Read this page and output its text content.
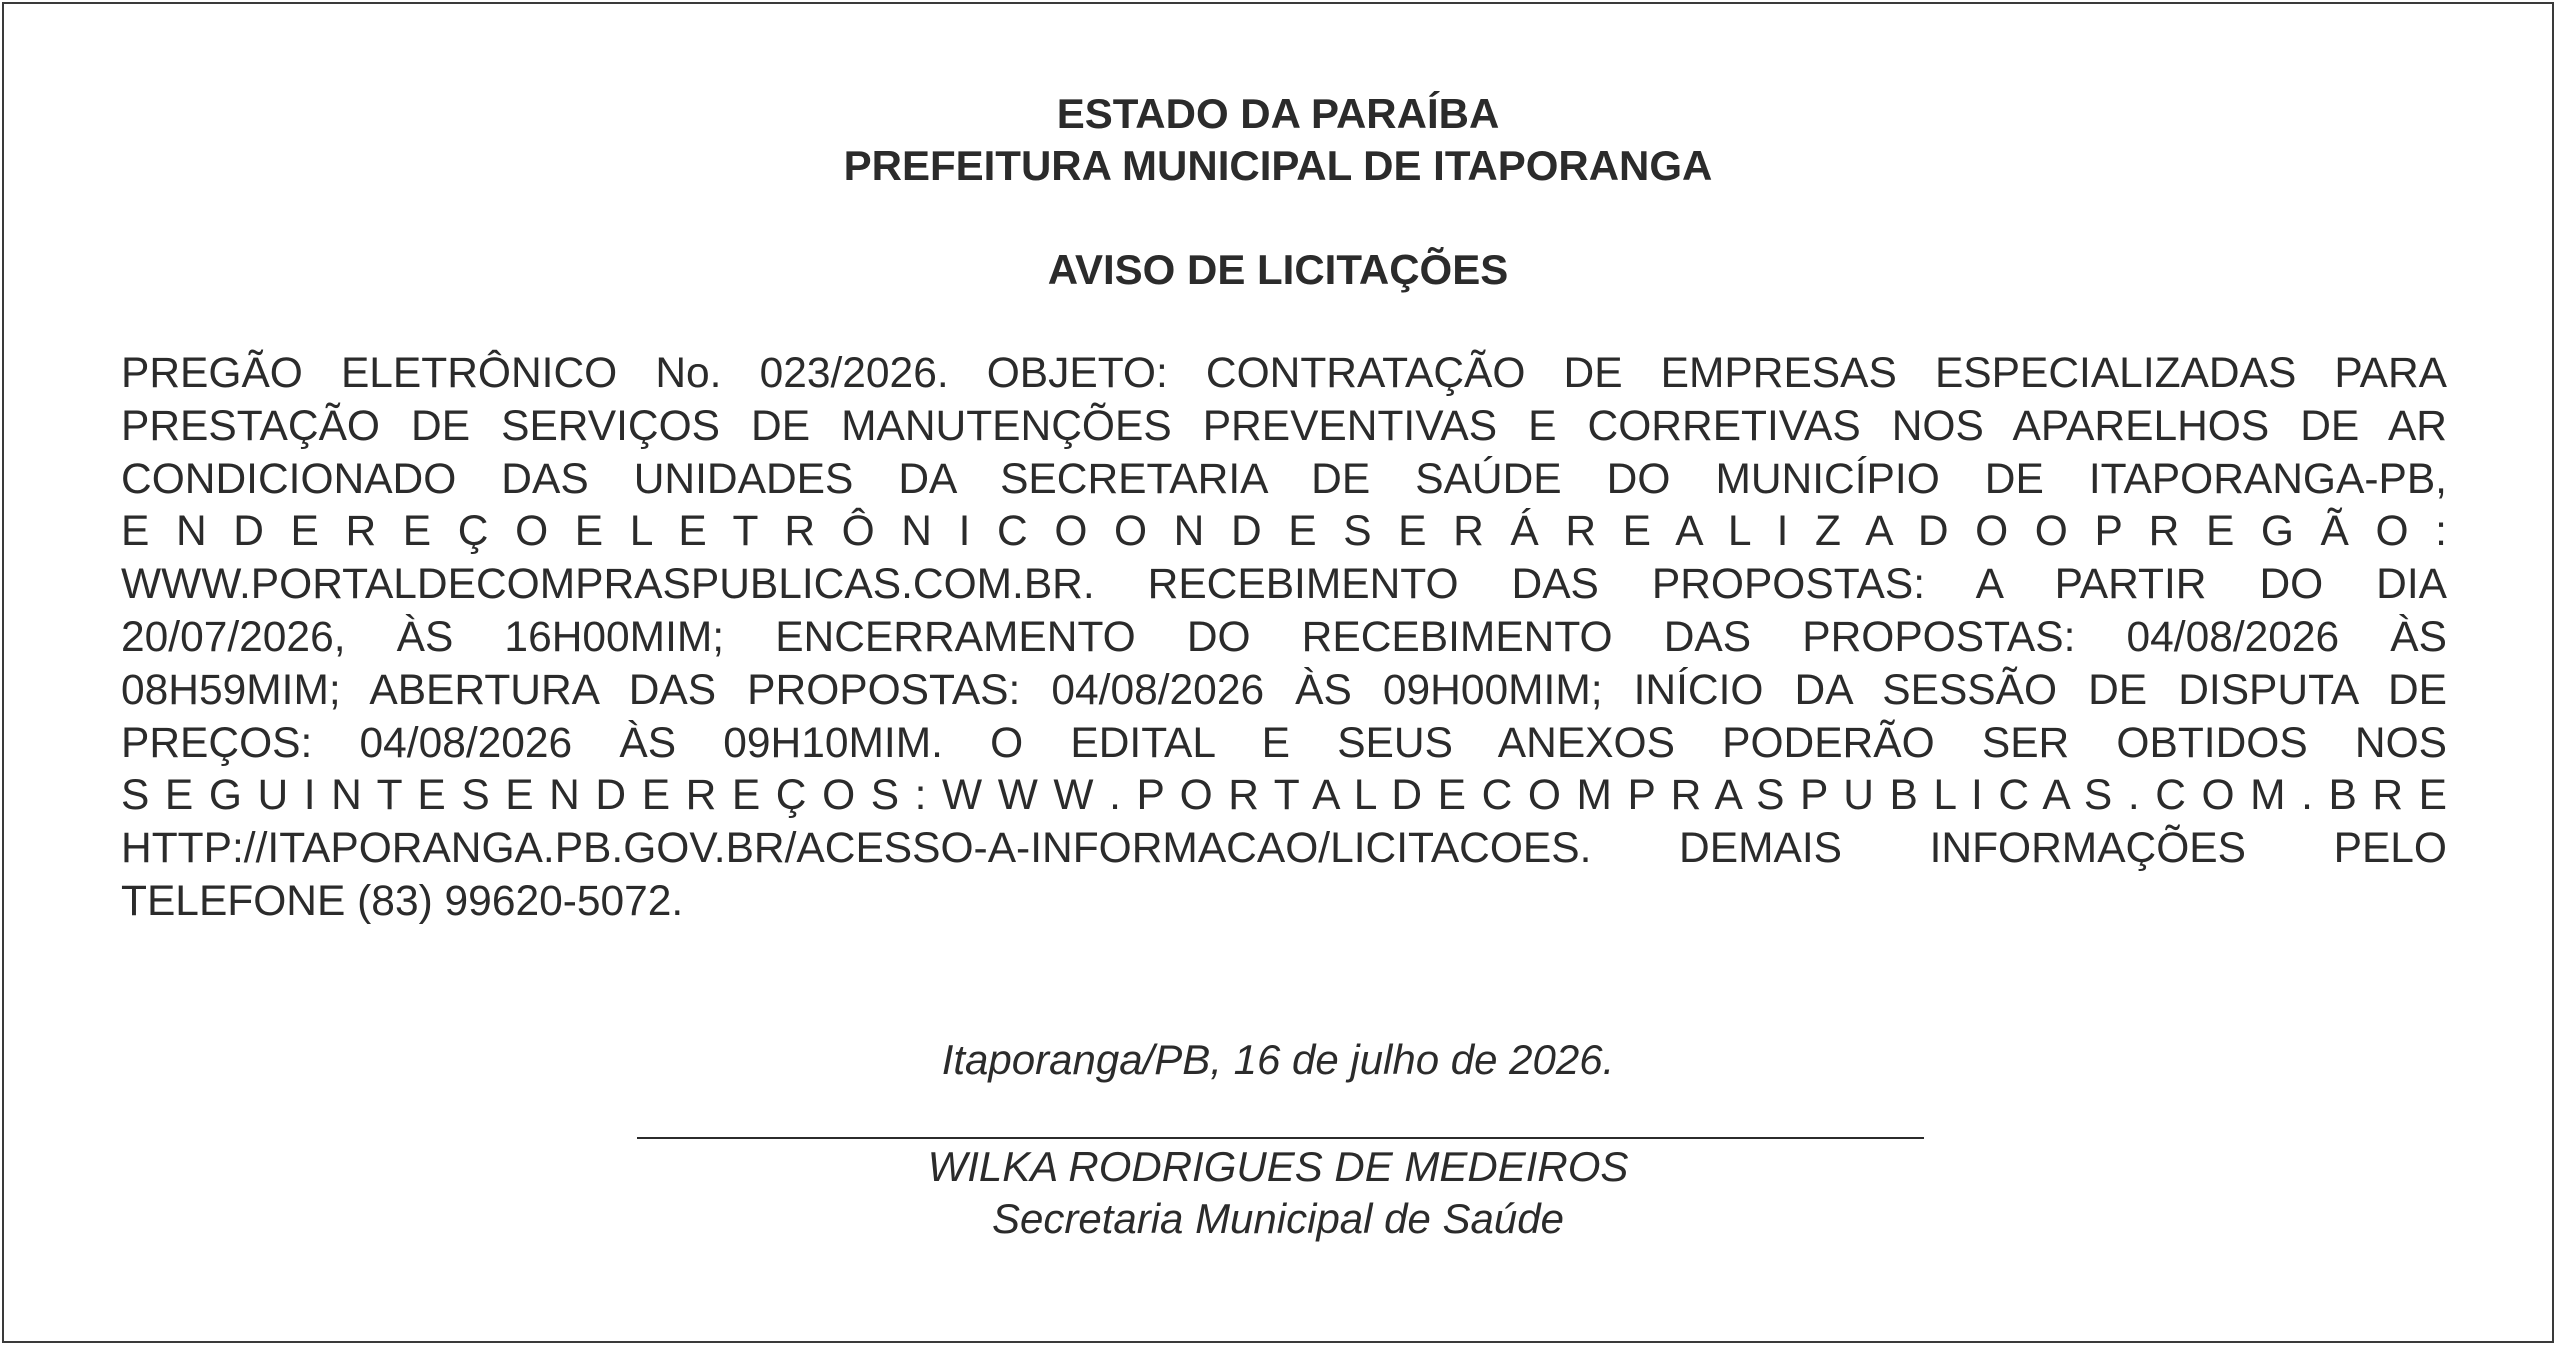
ESTADO DA PARAÍBA
PREFEITURA MUNICIPAL DE ITAPORANGA
AVISO DE LICITAÇÕES
PREGÃO ELETRÔNICO No. 023/2026. OBJETO: CONTRATAÇÃO DE EMPRESAS ESPECIALIZADAS PARA
PRESTAÇÃO DE SERVIÇOS DE MANUTENÇÕES PREVENTIVAS E CORRETIVAS NOS APARELHOS DE AR
CONDICIONADO DAS UNIDADES DA SECRETARIA DE SAÚDE DO MUNICÍPIO DE ITAPORANGA-PB,
E N D E R E Ç O E L E T R Ô N I C O O N D E S E R Á R E A L I Z A D O O P R E G Ã O :
WWW.PORTALDECOMPRASPUBLICAS.COM.BR. RECEBIMENTO DAS PROPOSTAS: A PARTIR DO DIA
20/07/2026, ÀS 16H00MIM; ENCERRAMENTO DO RECEBIMENTO DAS PROPOSTAS: 04/08/2026 ÀS
08H59MIM; ABERTURA DAS PROPOSTAS: 04/08/2026 ÀS 09H00MIM; INÍCIO DA SESSÃO DE DISPUTA DE
PREÇOS: 04/08/2026 ÀS 09H10MIM. O EDITAL E SEUS ANEXOS PODERÃO SER OBTIDOS NOS
S E G U I N T E S E N D E R E Ç O S : W W W . P O R T A L D E C O M P R A S P U B L I C A S . C O M . B R E
HTTP://ITAPORANGA.PB.GOV.BR/ACESSO-A-INFORMACAO/LICITACOES. DEMAIS INFORMAÇÕES PELO
TELEFONE (83) 99620-5072.
Itaporanga/PB, 16 de julho de 2026.
WILKA RODRIGUES DE MEDEIROS
Secretaria Municipal de Saúde
